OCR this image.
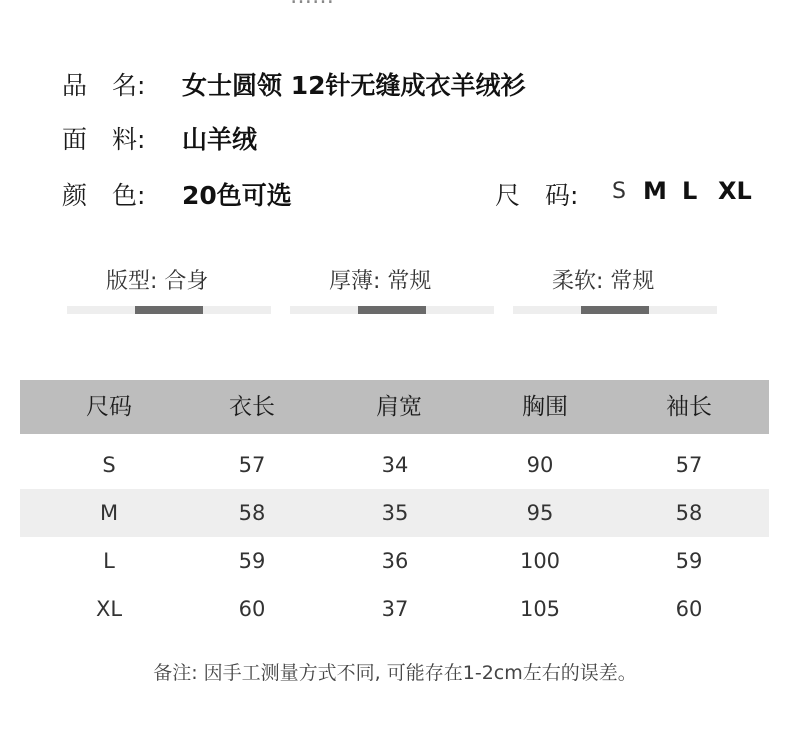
品　名: 女士圆领 12针无缝成衣羊绒衫
面　料: 山羊绒
颜　色: 20色可选	尺　码: S M L XL
版型: 合身	厚薄: 常规	柔软: 常规
尺码	衣长	肩宽	胸围	袖长
S	57	34	90	57
M	58	35	95	58
L	59	36	100	59
XL	60	37	105	60
备注: 因手工测量方式不同, 可能存在1-2cm左右的误差。
